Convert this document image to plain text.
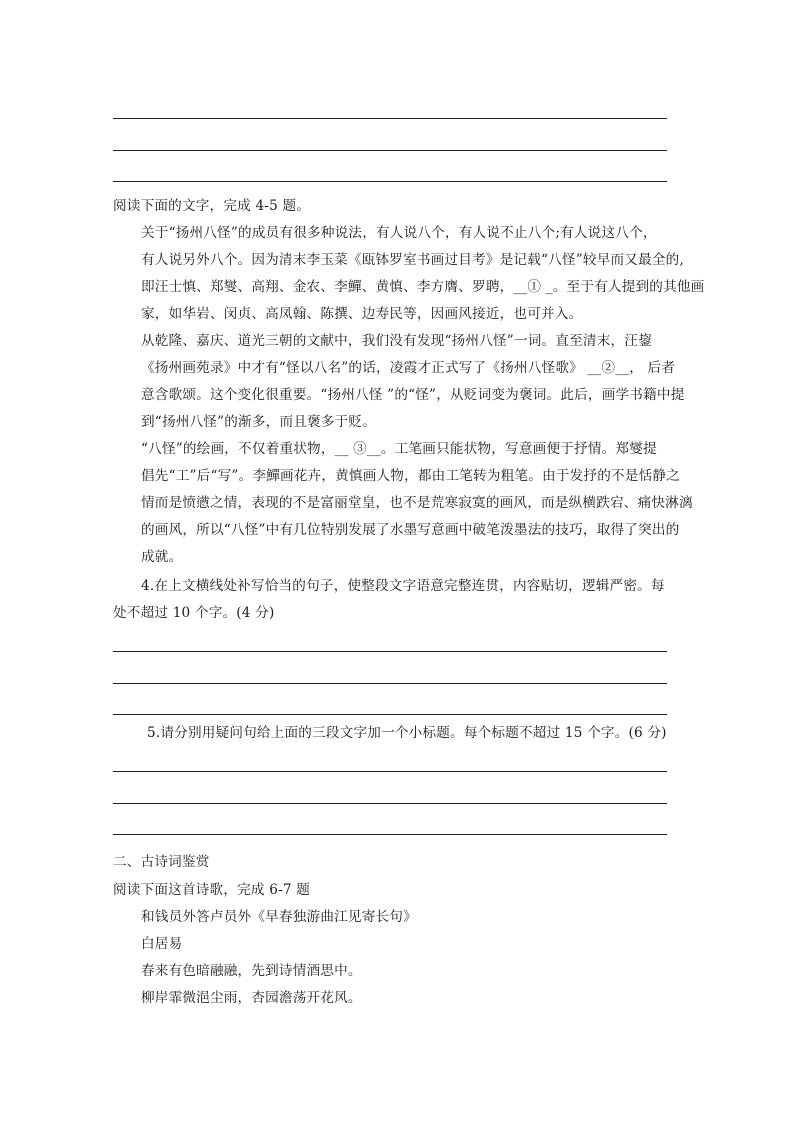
阅读下面的文字，完成 4-5 题。
关于“扬州八怪”的成员有很多种说法，有人说八个，有人说不止八个;有人说这八个，
有人说另外八个。因为清末李玉菜《瓯钵罗室书画过目考》是记载“八怪”较早而又最全的,
即汪士慎、郑燮、高翔、金农、李鱓、黄慎、李方膺、罗聘，__① _。至于有人提到的其他画
家，如华岩、闵贞、高凤翰、陈撰、边寿民等，因画风接近，也可并入。
从乾隆、嘉庆、道光三朝的文献中，我们没有发现“扬州八怪”一词。直至清末，汪鋆
《扬州画苑录》中才有“怪以八名”的话，凌霞才正式写了《扬州八怪歌》 __②__， 后者
意含歌颂。这个变化很重要。“扬州八怪 ”的“怪”，从贬词变为褒词。此后，画学书籍中提
到“扬州八怪”的渐多，而且褒多于贬。
“八怪”的绘画，不仅着重状物，__ ③__。工笔画只能状物，写意画便于抒情。郑燮提
倡先“工”后“写”。李鱓画花卉，黄慎画人物，都由工笔转为粗笔。由于发抒的不是恬静之
情而是愤懑之情，表现的不是富丽堂皇，也不是荒寒寂寞的画风，而是纵横跌宕、痛快淋漓
的画风，所以“八怪”中有几位特别发展了水墨写意画中破笔泼墨法的技巧，取得了突出的
成就。
4.在上文横线处补写恰当的句子，使整段文字语意完整连贯，内容贴切，逻辑严密。每
处不超过 10 个字。(4 分)
5.请分别用疑问句给上面的三段文字加一个小标题。每个标题不超过 15 个字。(6 分)
二、古诗词鉴赏
阅读下面这首诗歌，完成 6-7 题
和钱员外答卢员外《早春独游曲江见寄长句》
白居易
春来有色暗融融，先到诗情酒思中。
柳岸霏微浥尘雨，杏园澹荡开花风。
